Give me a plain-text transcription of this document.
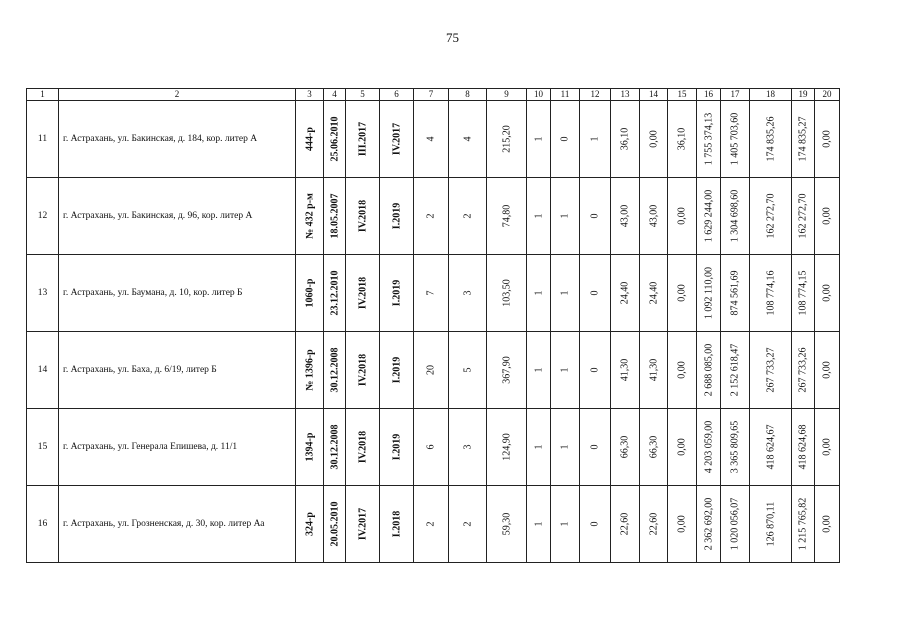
75
1	2	3	4	5	6	7	8	9	10	11	12	13	14	15	16	17	18	19	20
11	г. Астрахань, ул. Бакинская, д. 184, кор. литер А	444-р	25.06.2010	III.2017	IV.2017	4	4	215,20	1	0	1	36,10	0,00	36,10	1 755 374,13	1 405 703,60	174 835,26	174 835,27	0,00

12	г. Астрахань, ул. Бакинская, д. 96, кор. литер А	№ 432 р-м	18.05.2007	IV.2018	I.2019	2	2	74,80	1	1	0	43,00	43,00	0,00	1 629 244,00	1 304 698,60	162 272,70	162 272,70	0,00

13	г. Астрахань, ул. Баумана, д. 10, кор. литер Б	1060-р	23.12.2010	IV.2018	I.2019	7	3	103,50	1	1	0	24,40	24,40	0,00	1 092 110,00	874 561,69	108 774,16	108 774,15	0,00

14	г. Астрахань, ул. Баха, д. 6/19, литер Б	№ 1396-р	30.12.2008	IV.2018	I.2019	20	5	367,90	1	1	0	41,30	41,30	0,00	2 688 085,00	2 152 618,47	267 733,27	267 733,26	0,00

15	г. Астрахань, ул. Генерала Епишева, д. 11/1	1394-р	30.12.2008	IV.2018	I.2019	6	3	124,90	1	1	0	66,30	66,30	0,00	4 203 059,00	3 365 809,65	418 624,67	418 624,68	0,00

16	г. Астрахань, ул. Грозненская, д. 30, кор. литер Аа	324-р	20.05.2010	IV.2017	I.2018	2	2	59,30	1	1	0	22,60	22,60	0,00	2 362 692,00	1 020 056,07	126 870,11	1 215 765,82	0,00
